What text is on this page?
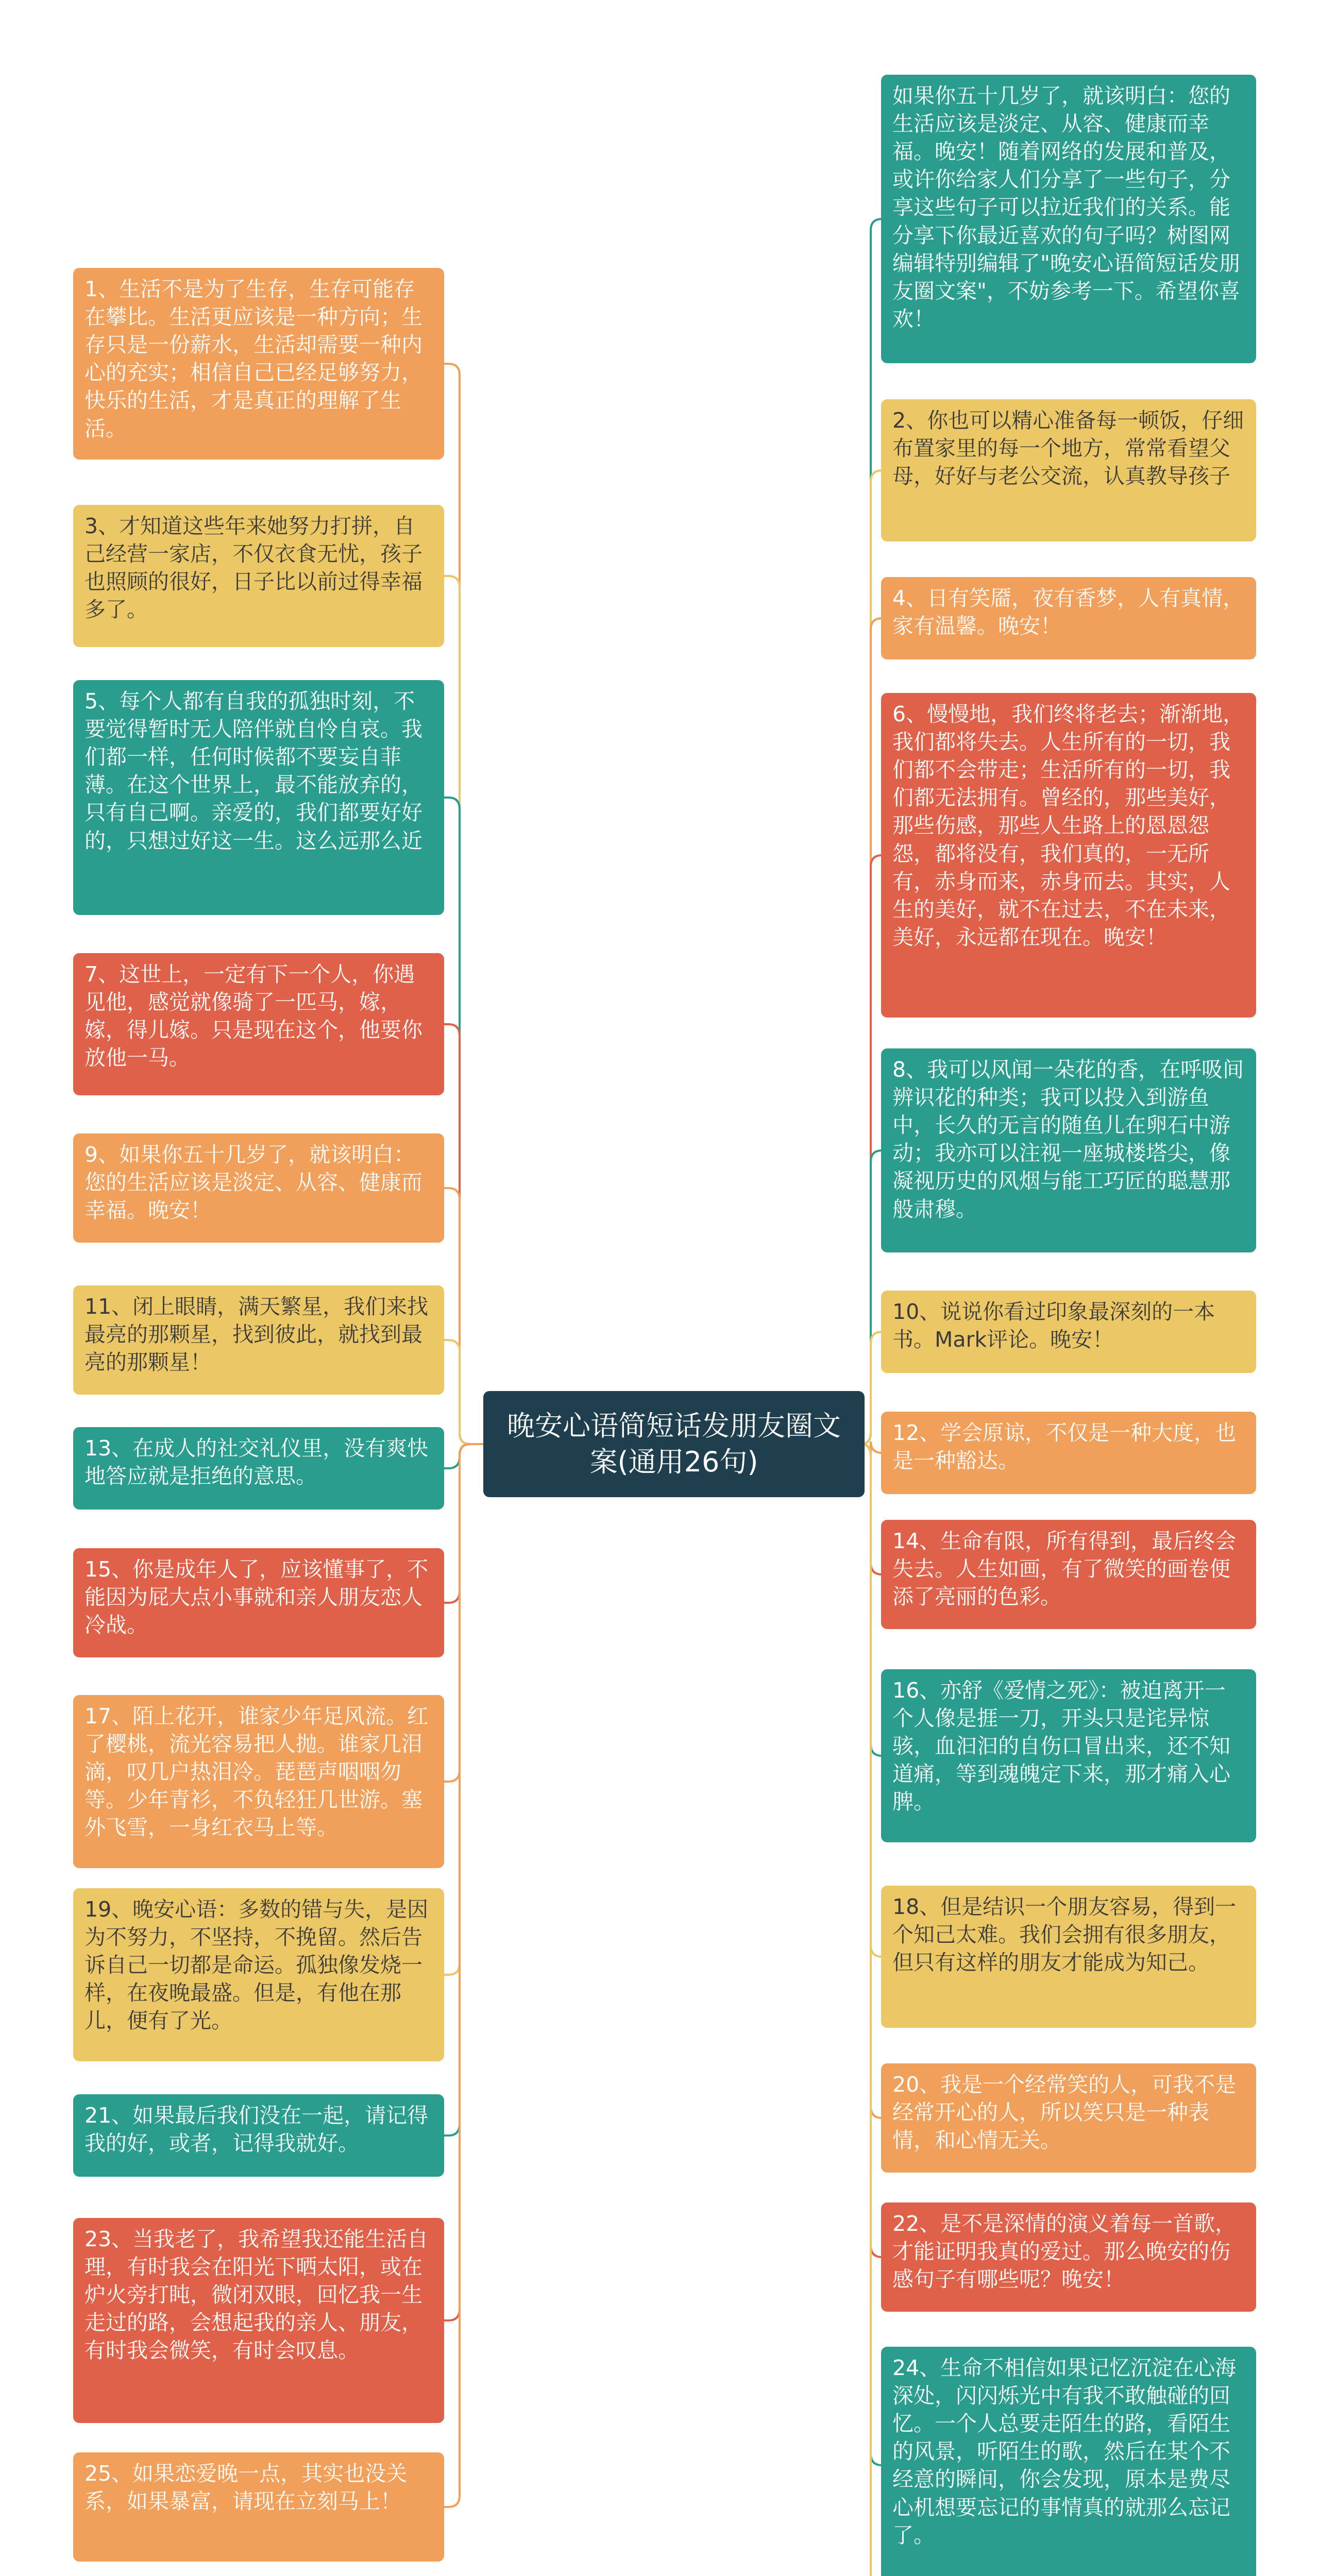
1、生活不是为了生存，生存可能存在攀比。生活更应该是一种方向；生存只是一份薪水，生活却需要一种内心的充实；相信自己已经足够努力，快乐的生活，才是真正的理解了生活。
3、才知道这些年来她努力打拼，自己经营一家店，不仅衣食无忧，孩子也照顾的很好，日子比以前过得幸福多了。
5、每个人都有自我的孤独时刻，不要觉得暂时无人陪伴就自怜自哀。我们都一样，任何时候都不要妄自菲薄。在这个世界上，最不能放弃的，只有自己啊。亲爱的，我们都要好好的，只想过好这一生。这么远那么近
7、这世上，一定有下一个人，你遇见他，感觉就像骑了一匹马，嫁，嫁，得儿嫁。只是现在这个，他要你放他一马。
9、如果你五十几岁了，就该明白：您的生活应该是淡定、从容、健康而幸福。晚安！
11、闭上眼睛，满天繁星，我们来找最亮的那颗星，找到彼此，就找到最亮的那颗星！
13、在成人的社交礼仪里，没有爽快地答应就是拒绝的意思。
15、你是成年人了，应该懂事了，不能因为屁大点小事就和亲人朋友恋人冷战。
17、陌上花开，谁家少年足风流。红了樱桃，流光容易把人抛。谁家几泪滴，叹几户热泪冷。琵琶声咽咽勿等。少年青衫，不负轻狂几世游。塞外飞雪，一身红衣马上等。
19、晚安心语：多数的错与失，是因为不努力，不坚持，不挽留。然后告诉自己一切都是命运。孤独像发烧一样，在夜晚最盛。但是，有他在那儿，便有了光。
21、如果最后我们没在一起，请记得我的好，或者，记得我就好。
23、当我老了，我希望我还能生活自理，有时我会在阳光下晒太阳，或在炉火旁打盹，微闭双眼，回忆我一生走过的路，会想起我的亲人、朋友，有时我会微笑，有时会叹息。
25、如果恋爱晚一点，其实也没关系，如果暴富，请现在立刻马上！
如果你五十几岁了，就该明白：您的生活应该是淡定、从容、健康而幸福。晚安！随着网络的发展和普及，或许你给家人们分享了一些句子，分享这些句子可以拉近我们的关系。能分享下你最近喜欢的句子吗？树图网编辑特别编辑了"晚安心语简短话发朋友圈文案"，不妨参考一下。希望你喜欢！
2、你也可以精心准备每一顿饭，仔细布置家里的每一个地方，常常看望父母，好好与老公交流，认真教导孩子
4、日有笑靥，夜有香梦，人有真情，家有温馨。晚安！
6、慢慢地，我们终将老去；渐渐地，我们都将失去。人生所有的一切，我们都不会带走；生活所有的一切，我们都无法拥有。曾经的，那些美好，那些伤感，那些人生路上的恩恩怨怨，都将没有，我们真的，一无所有，赤身而来，赤身而去。其实，人生的美好，就不在过去，不在未来，美好，永远都在现在。晚安！
8、我可以风闻一朵花的香，在呼吸间辨识花的种类；我可以投入到游鱼中，长久的无言的随鱼儿在卵石中游动；我亦可以注视一座城楼塔尖，像凝视历史的风烟与能工巧匠的聪慧那般肃穆。
10、说说你看过印象最深刻的一本书。Mark评论。晚安！
12、学会原谅，不仅是一种大度，也是一种豁达。
14、生命有限，所有得到，最后终会失去。人生如画，有了微笑的画卷便添了亮丽的色彩。
16、亦舒《爱情之死》：被迫离开一个人像是捱一刀，开头只是诧异惊骇，血汩汩的自伤口冒出来，还不知道痛，等到魂魄定下来，那才痛入心脾。
18、但是结识一个朋友容易，得到一个知己太难。我们会拥有很多朋友，但只有这样的朋友才能成为知己。
20、我是一个经常笑的人，可我不是经常开心的人，所以笑只是一种表情，和心情无关。
22、是不是深情的演义着每一首歌，才能证明我真的爱过。那么晚安的伤感句子有哪些呢？晚安！
24、生命不相信如果记忆沉淀在心海深处，闪闪烁光中有我不敢触碰的回忆。一个人总要走陌生的路，看陌生的风景，听陌生的歌，然后在某个不经意的瞬间，你会发现，原本是费尽心机想要忘记的事情真的就那么忘记了。
晚安心语简短话发朋友圈文案(通用26句)
